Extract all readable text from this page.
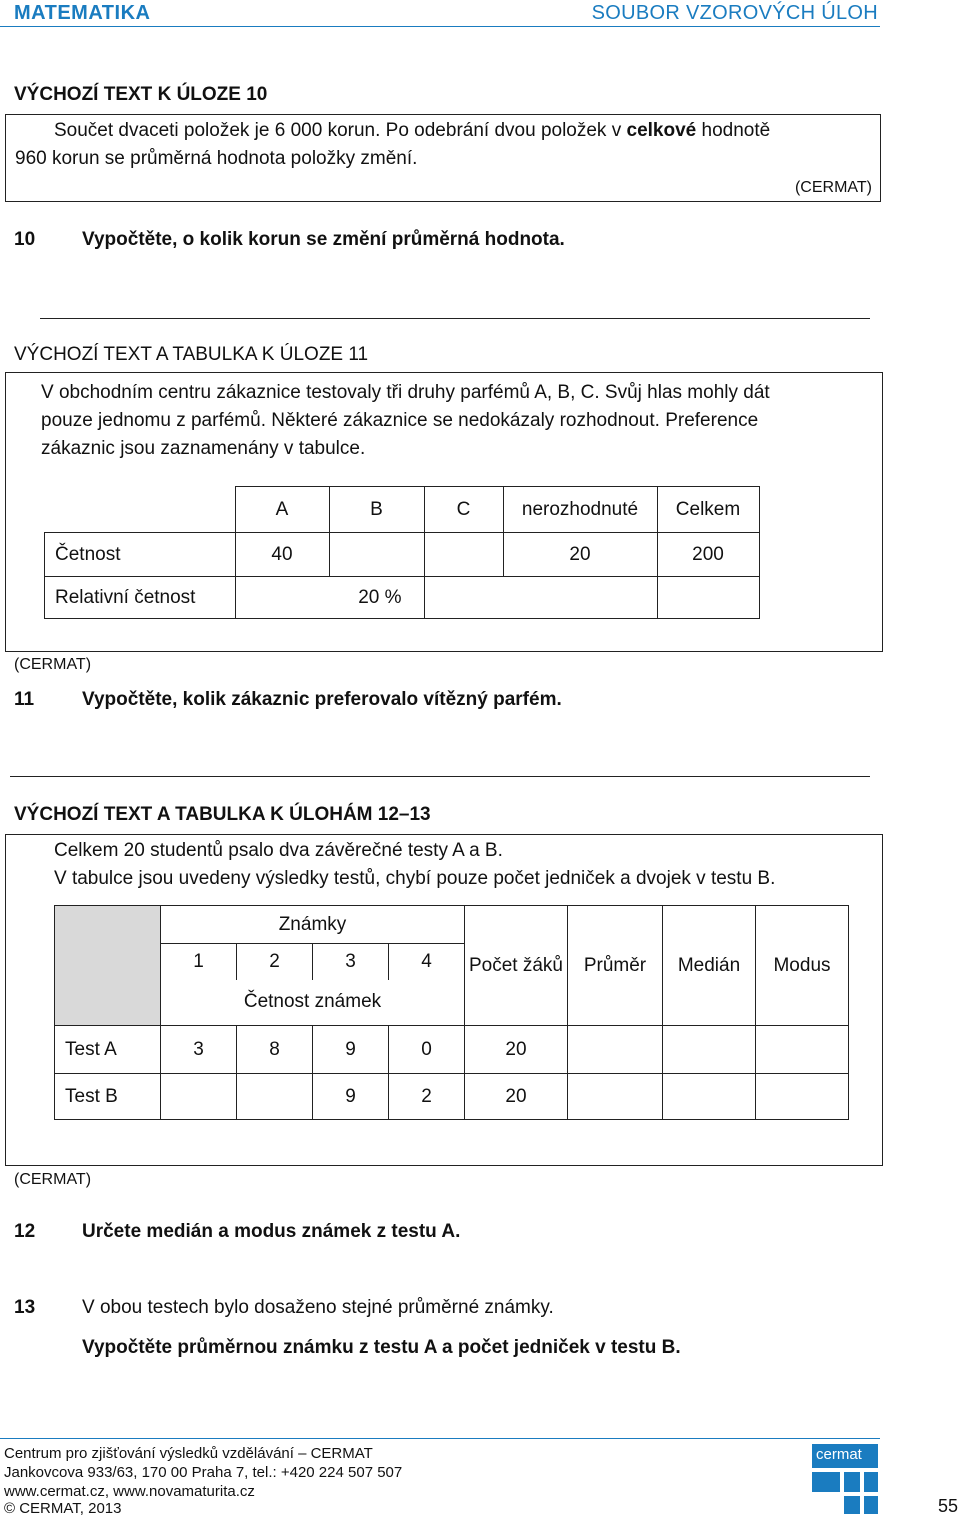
MATEMATIKA	SOUBOR VZOROVÝCH ÚLOH
VÝCHOZÍ TEXT K ÚLOZE 10
Součet dvaceti položek je 6 000 korun. Po odebrání dvou položek v celkové hodnotě
960 korun se průměrná hodnota položky změní.
(CERMAT)
10 Vypočtěte, o kolik korun se změní průměrná hodnota.
VÝCHOZÍ TEXT A TABULKA K ÚLOZE 11
V obchodním centru zákaznice testovaly tři druhy parfémů A, B, C. Svůj hlas mohly dát
pouze jednomu z parfémů. Některé zákaznice se nedokázaly rozhodnout. Preference
zákaznic jsou zaznamenány v tabulce.
	A	B	C	nerozhodnuté	Celkem
Četnost	40			20	200
Relativní četnost	20 %				
(CERMAT)
11	Vypočtěte, kolik zákaznic preferovalo vítězný parfém.
VÝCHOZÍ TEXT A TABULKA K ÚLOHÁM 12–13
Celkem 20 studentů psalo dva závěrečné testy A a B.
V tabulce jsou uvedeny výsledky testů, chybí pouze počet jedniček a dvojek v testu B.
	Známky				Počet žáků	Průměr	Medián	Modus
	1	2	3	4				
	Četnost známek							
Test A	3	8	9	0	20			
Test B			9	2	20			
(CERMAT)
12 Určete medián a modus známek z testu A.
13 V obou testech bylo dosaženo stejné průměrné známky.
Vypočtěte průměrnou známku z testu A a počet jedniček v testu B.
Centrum pro zjišťování výsledků vzdělávání – CERMAT
Jankovcova 933/63, 170 00 Praha 7, tel.: +420 224 507 507
www.cermat.cz, www.novamaturita.cz
© CERMAT, 2013
cermat
55
